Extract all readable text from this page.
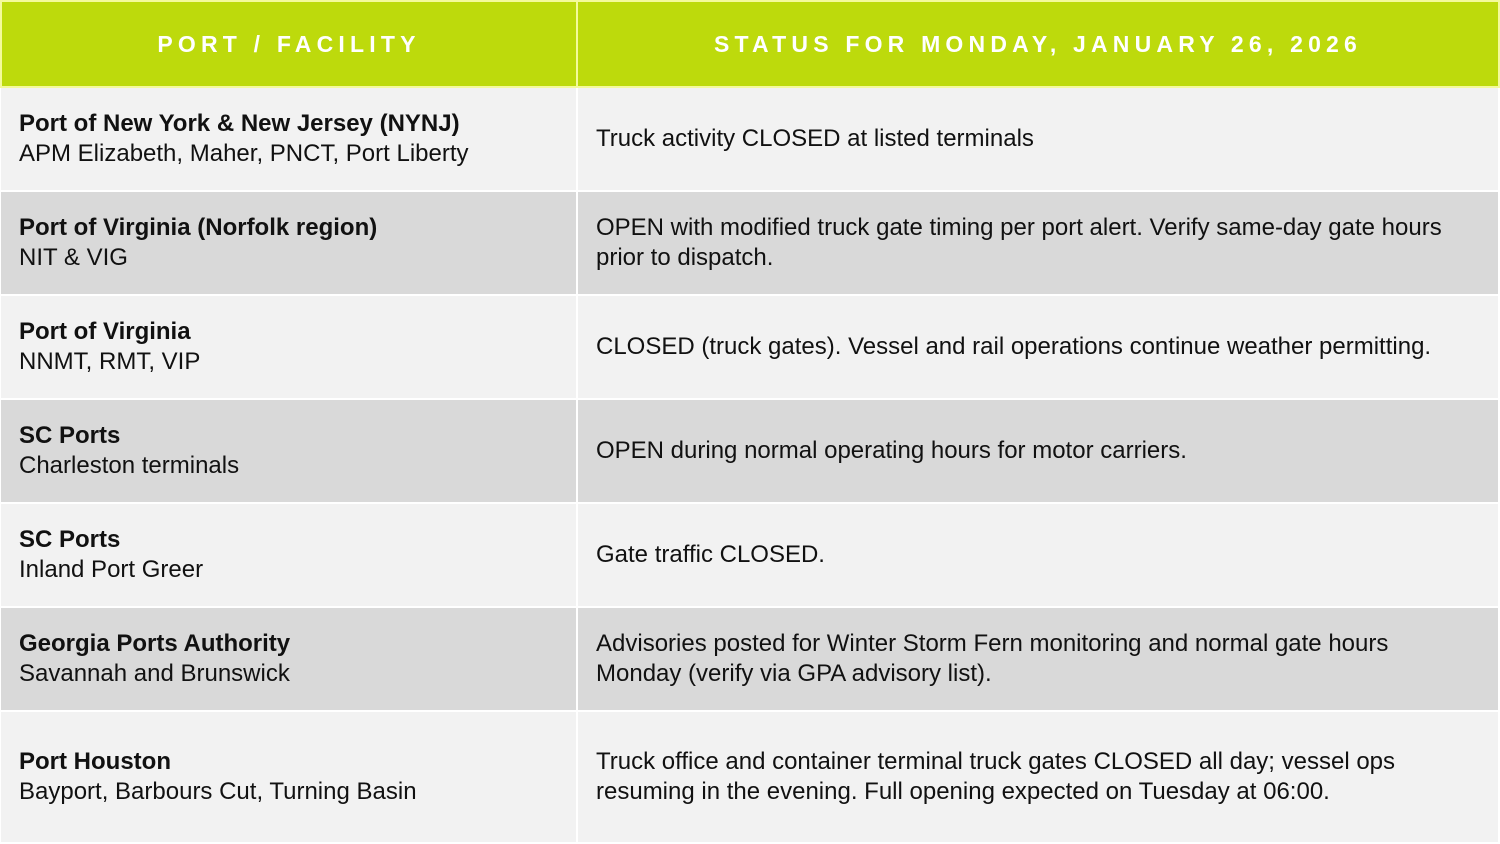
PORT / FACILITY	STATUS FOR MONDAY, JANUARY 26, 2026
Port of New York & New Jersey (NYNJ)
APM Elizabeth, Maher, PNCT, Port Liberty
Truck activity CLOSED at listed terminals
Port of Virginia (Norfolk region)
NIT & VIG
OPEN with modified truck gate timing per port alert. Verify same-day gate hours prior to dispatch.
Port of Virginia
NNMT, RMT, VIP
CLOSED (truck gates). Vessel and rail operations continue weather permitting.
SC Ports
Charleston terminals
OPEN during normal operating hours for motor carriers.
SC Ports
Inland Port Greer
Gate traffic CLOSED.
Georgia Ports Authority
Savannah and Brunswick
Advisories posted for Winter Storm Fern monitoring and normal gate hours Monday (verify via GPA advisory list).
Port Houston
Bayport, Barbours Cut, Turning Basin
Truck office and container terminal truck gates CLOSED all day; vessel ops resuming in the evening. Full opening expected on Tuesday at 06:00.
